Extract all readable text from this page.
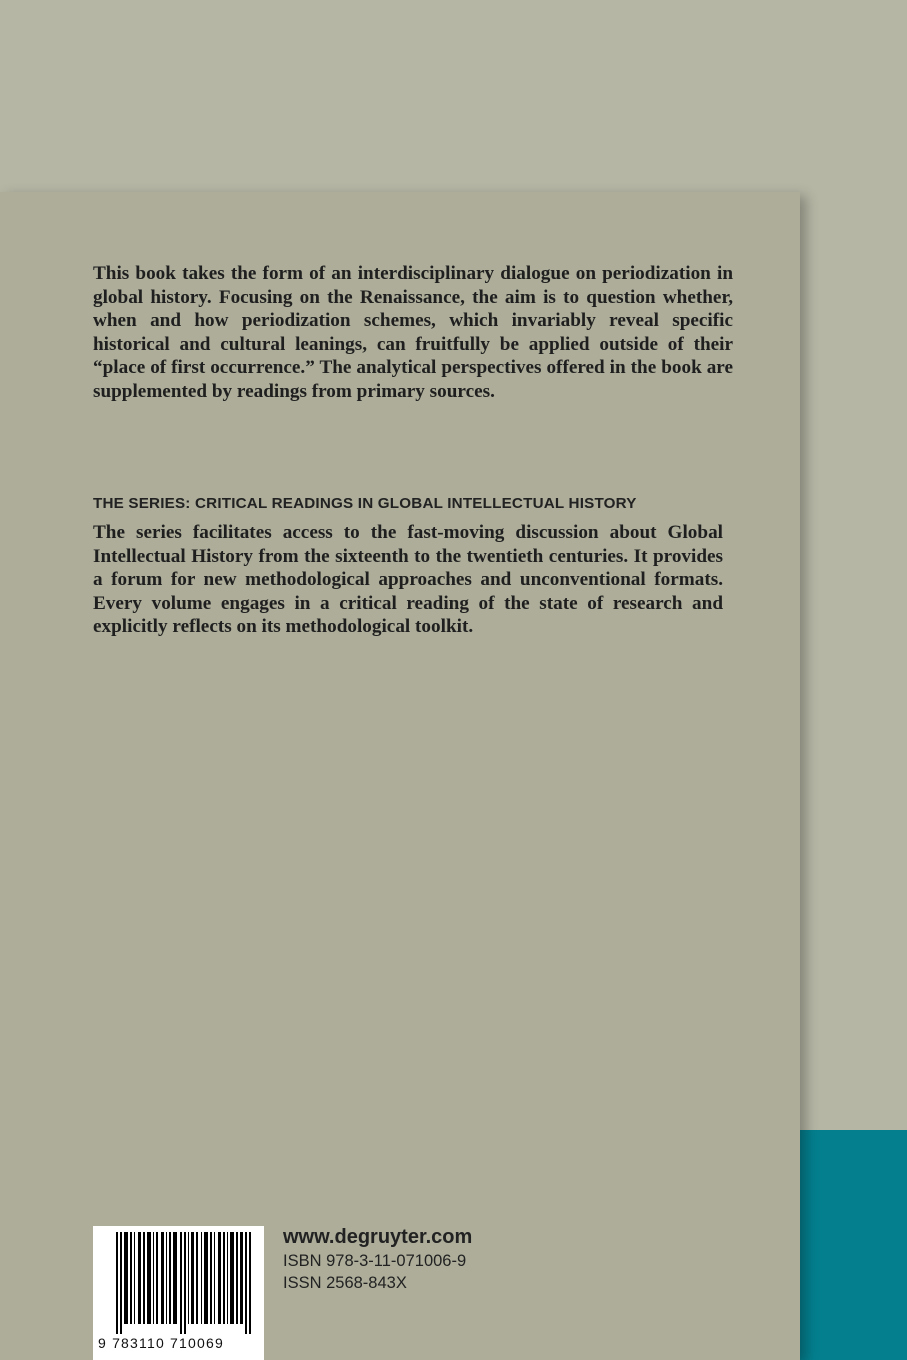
This book takes the form of an interdisciplinary dialogue on periodization in global history. Focusing on the Renaissance, the aim is to question whether, when and how periodization schemes, which invariably reveal specific historical and cultural leanings, can fruitfully be applied outside of their “place of first occurrence.” The analytical perspectives offered in the book are supplemented by readings from primary sources.

THE SERIES: CRITICAL READINGS IN GLOBAL INTELLECTUAL HISTORY

The series facilitates access to the fast-moving discussion about Global Intellectual History from the sixteenth to the twentieth centuries. It provides a forum for new methodological approaches and unconventional formats. Every volume engages in a critical reading of the state of research and explicitly reflects on its methodological toolkit.

9 783110 710069
www.degruyter.com
ISBN 978-3-11-071006-9
ISSN 2568-843X
